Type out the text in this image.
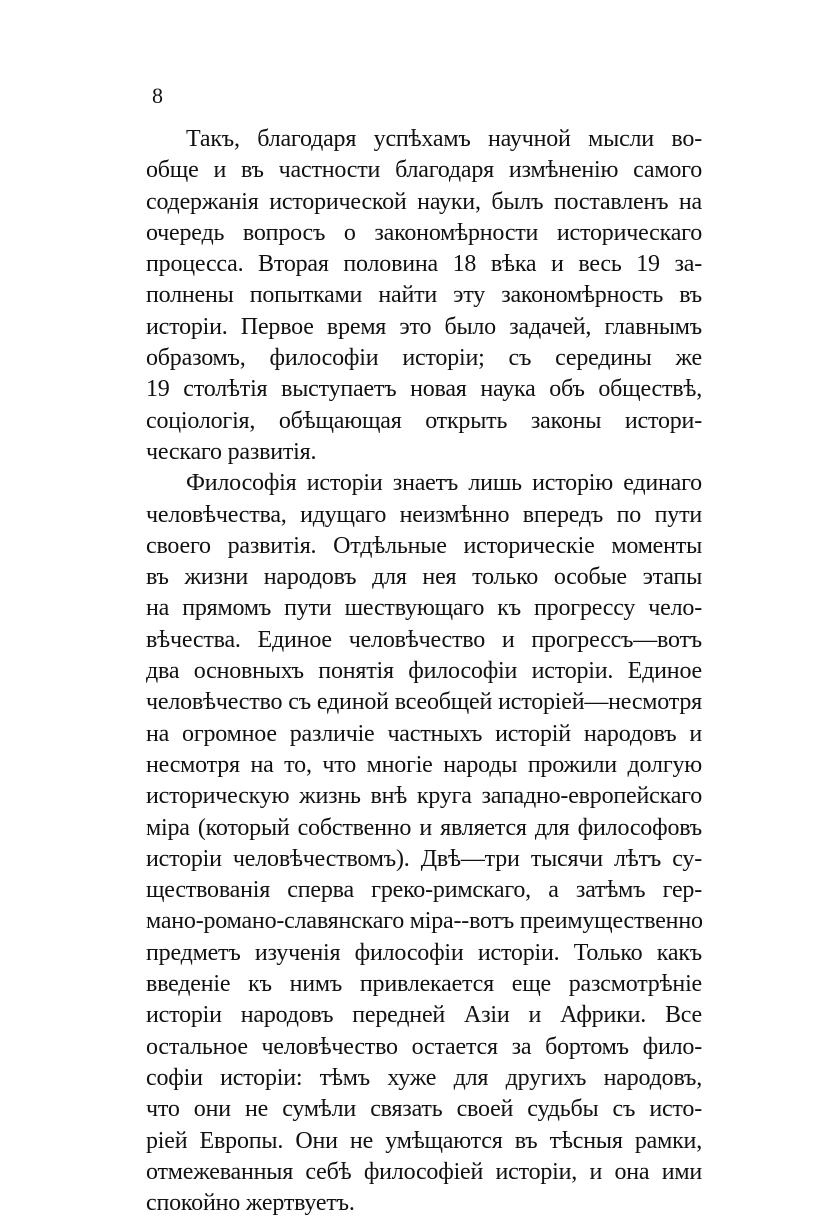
8

Такъ, благодаря успѣхамъ научной мысли во-
обще и въ частности благодаря измѣненію самого
содержанія исторической науки, былъ поставленъ на
очередь вопросъ о закономѣрности историческаго
процесса. Вторая половина 18 вѣка и весь 19 за-
полнены попытками найти эту закономѣрность въ
исторіи. Первое время это было задачей, главнымъ
образомъ, философіи исторіи; съ середины же
19 столѣтія выступаетъ новая наука объ обществѣ,
соціологія, обѣщающая открыть законы истори-
ческаго развитія.
Философія исторіи знаетъ лишь исторію единаго
человѣчества, идущаго неизмѣнно впередъ по пути
своего развитія. Отдѣльные историческіе моменты
въ жизни народовъ для нея только особые этапы
на прямомъ пути шествующаго къ прогрессу чело-
вѣчества. Единое человѣчество и прогрессъ—вотъ
два основныхъ понятія философіи исторіи. Единое
человѣчество съ единой всеобщей исторіей—несмотря
на огромное различіе частныхъ исторій народовъ и
несмотря на то, что многіе народы прожили долгую
историческую жизнь внѣ круга западно-европейскаго
міра (который собственно и является для философовъ
исторіи человѣчествомъ). Двѣ—три тысячи лѣтъ су-
ществованія сперва греко-римскаго, а затѣмъ гер-
мано-романо-славянскаго міра--вотъ преимущественно
предметъ изученія философіи исторіи. Только какъ
введеніе къ нимъ привлекается еще разсмотрѣніе
исторіи народовъ передней Азіи и Африки. Все
остальное человѣчество остается за бортомъ фило-
софіи исторіи: тѣмъ хуже для другихъ народовъ,
что они не сумѣли связать своей судьбы съ исто-
ріей Европы. Они не умѣщаются въ тѣсныя рамки,
отмежеванныя себѣ философіей исторіи, и она ими
спокойно жертвуетъ.
